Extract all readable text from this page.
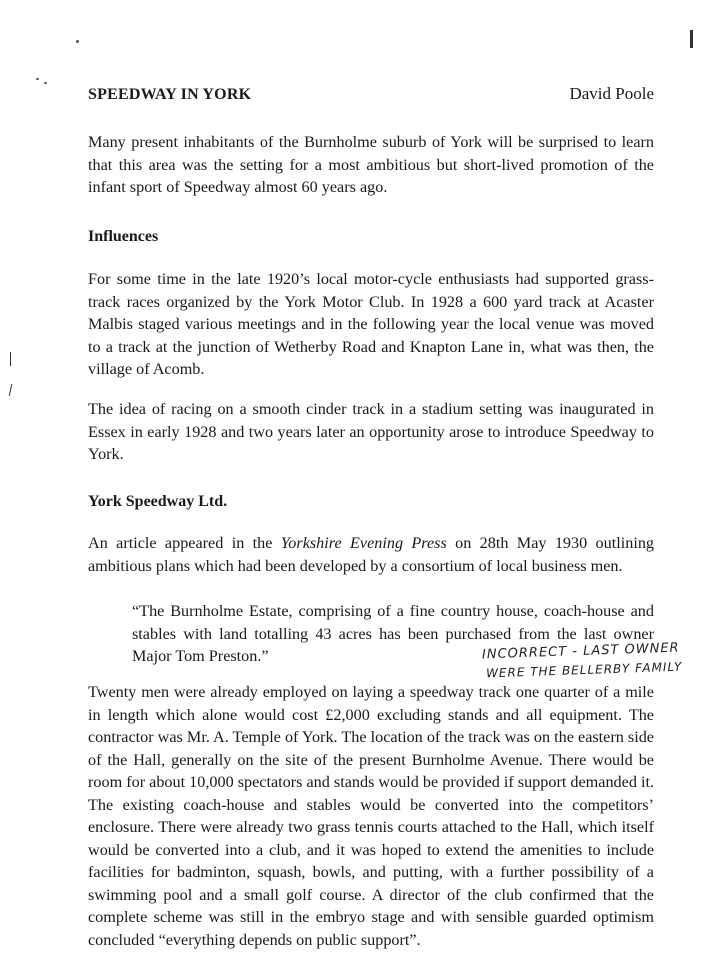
SPEEDWAY IN YORK	David Poole

Many present inhabitants of the Burnholme suburb of York will be surprised to learn that this area was the setting for a most ambitious but short-lived promotion of the infant sport of Speedway almost 60 years ago.

Influences

For some time in the late 1920’s local motor-cycle enthusiasts had supported grass-track races organized by the York Motor Club. In 1928 a 600 yard track at Acaster Malbis staged various meetings and in the following year the local venue was moved to a track at the junction of Wetherby Road and Knapton Lane in, what was then, the village of Acomb.

The idea of racing on a smooth cinder track in a stadium setting was inaugurated in Essex in early 1928 and two years later an opportunity arose to introduce Speedway to York.

York Speedway Ltd.

An article appeared in the Yorkshire Evening Press on 28th May 1930 outlining ambitious plans which had been developed by a consortium of local business men.

“The Burnholme Estate, comprising of a fine country house, coach-house and stables with land totalling 43 acres has been purchased from the last owner Major Tom Preston.”	INCORRECT - LAST OWNER
WERE THE BELLERBY FAMILY

Twenty men were already employed on laying a speedway track one quarter of a mile in length which alone would cost £2,000 excluding stands and all equipment. The contractor was Mr. A. Temple of York. The location of the track was on the eastern side of the Hall, generally on the site of the present Burnholme Avenue. There would be room for about 10,000 spectators and stands would be provided if support demanded it. The existing coach-house and stables would be converted into the competitors’ enclosure. There were already two grass tennis courts attached to the Hall, which itself would be converted into a club, and it was hoped to extend the amenities to include facilities for badminton, squash, bowls, and putting, with a further possibility of a swimming pool and a small golf course. A director of the club confirmed that the complete scheme was still in the embryo stage and with sensible guarded optimism concluded “everything depends on public support”.
